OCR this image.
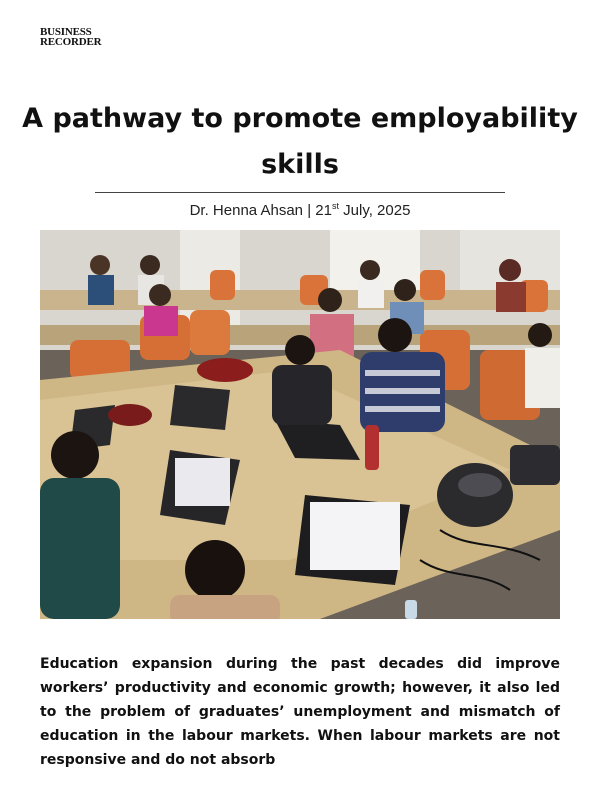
BUSINESS
RECORDER
A pathway to promote employability skills
Dr. Henna Ahsan | 21st July, 2025

Education expansion during the past decades did improve workers’ productivity and economic growth; however, it also led to the problem of graduates’ unemployment and mismatch of education in the labour markets. When labour markets are not responsive and do not absorb
